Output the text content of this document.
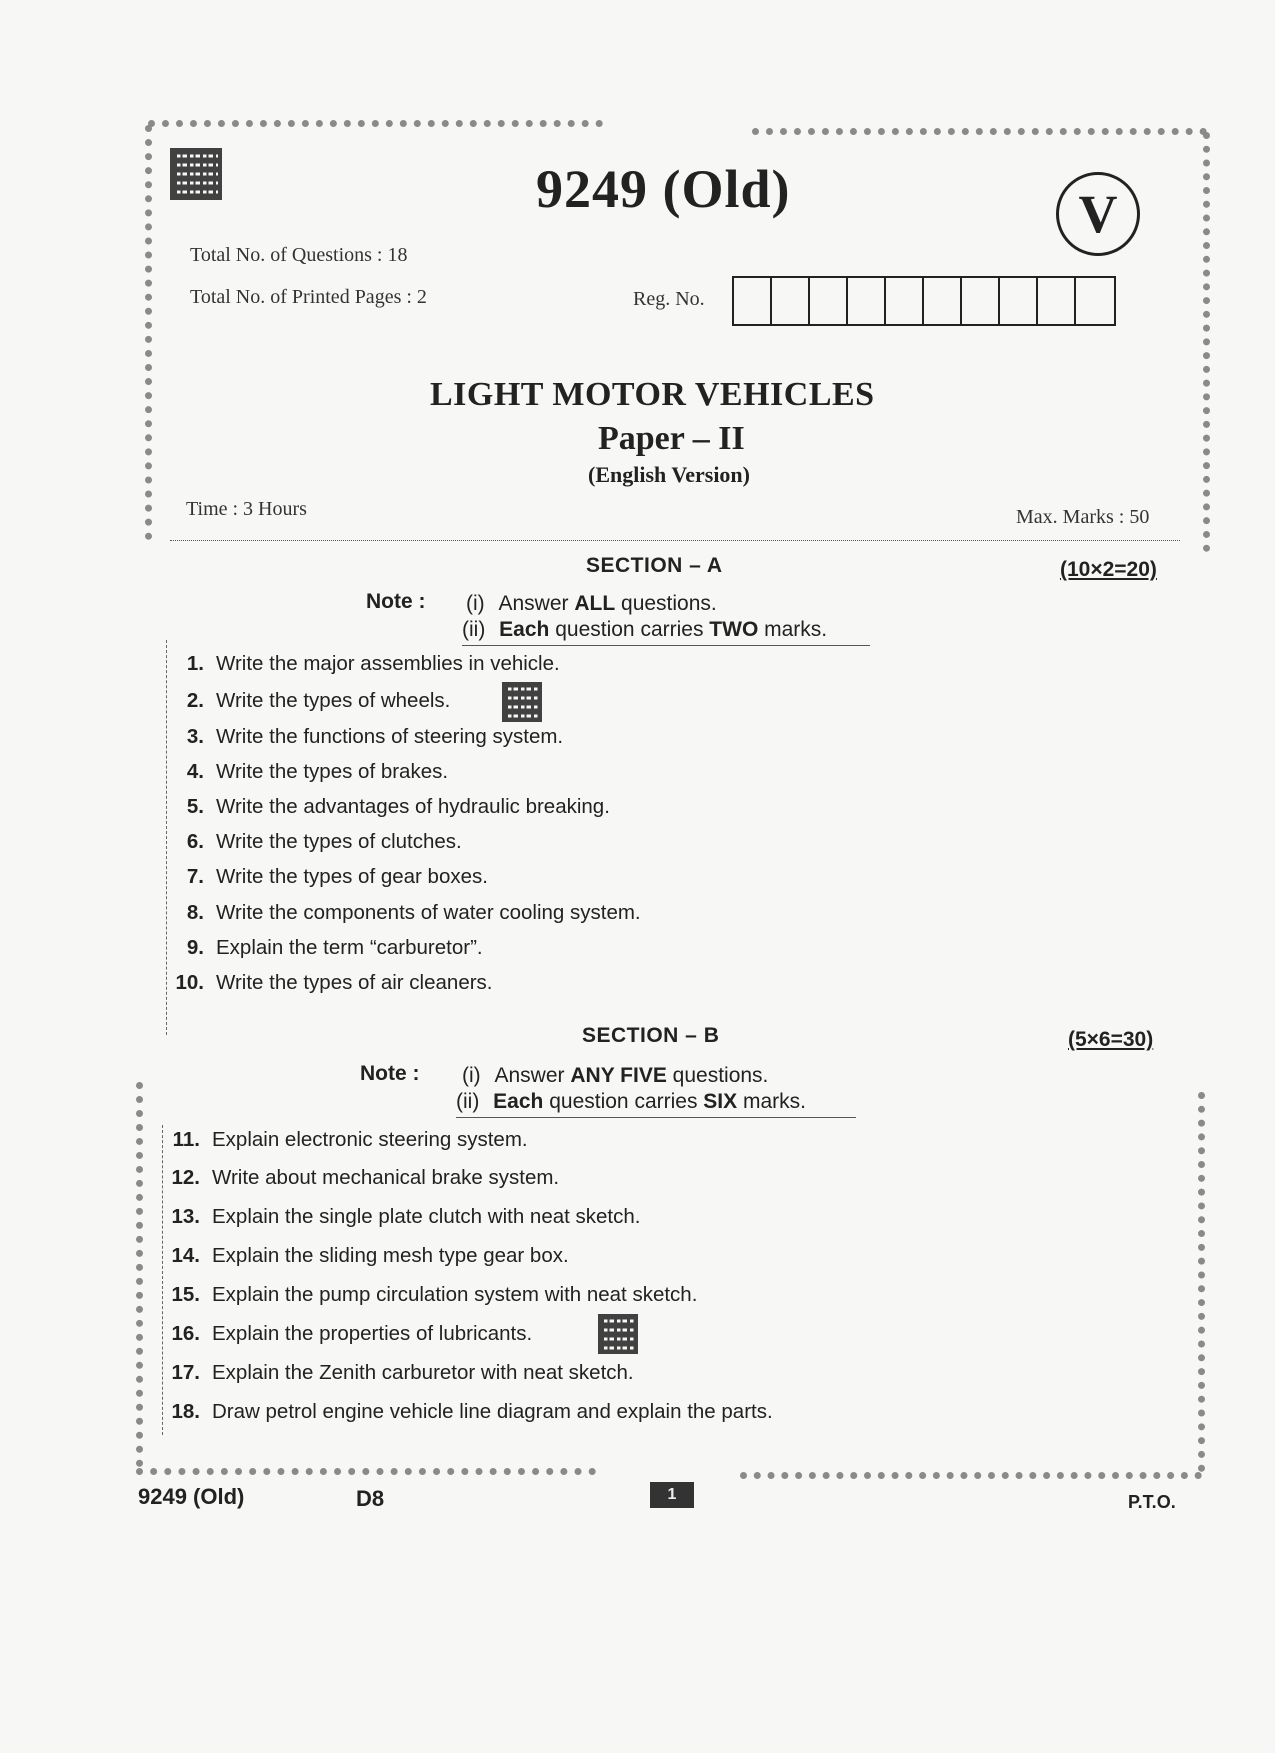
9249 (Old)	V
Total No. of Questions : 18
Total No. of Printed Pages : 2	Reg. No.
LIGHT MOTOR VEHICLES
Paper – II
(English Version)
Time : 3 Hours	Max. Marks : 50
SECTION – A	(10×2=20)
Note : (i) Answer ALL questions.
(ii) Each question carries TWO marks.
1. Write the major assemblies in vehicle.
2. Write the types of wheels.
3. Write the functions of steering system.
4. Write the types of brakes.
5. Write the advantages of hydraulic breaking.
6. Write the types of clutches.
7. Write the types of gear boxes.
8. Write the components of water cooling system.
9. Explain the term “carburetor”.
10. Write the types of air cleaners.
SECTION – B	(5×6=30)
Note : (i) Answer ANY FIVE questions.
(ii) Each question carries SIX marks.
11. Explain electronic steering system.
12. Write about mechanical brake system.
13. Explain the single plate clutch with neat sketch.
14. Explain the sliding mesh type gear box.
15. Explain the pump circulation system with neat sketch.
16. Explain the properties of lubricants.
17. Explain the Zenith carburetor with neat sketch.
18. Draw petrol engine vehicle line diagram and explain the parts.
9249 (Old)	D8	1	P.T.O.
